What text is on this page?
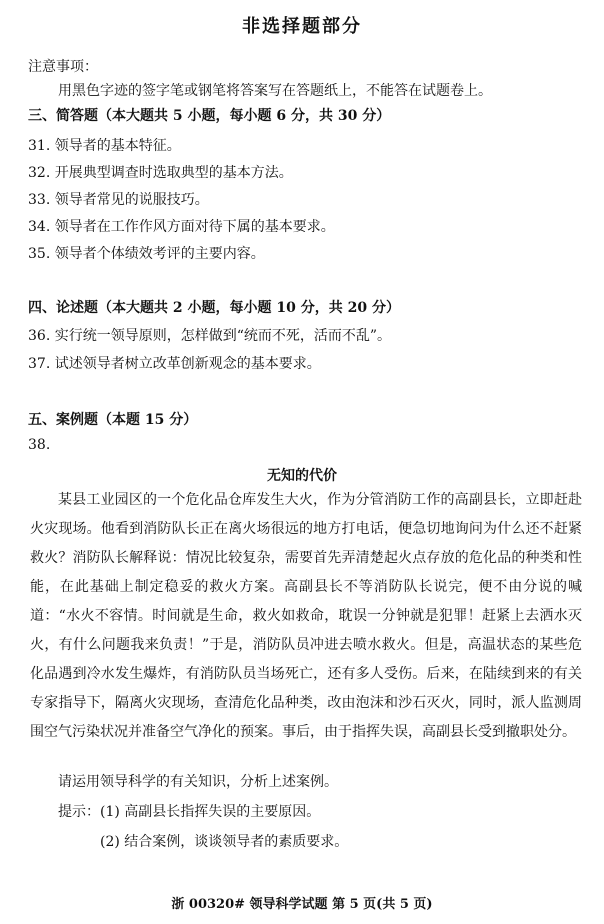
非选择题部分
注意事项：
用黑色字迹的签字笔或钢笔将答案写在答题纸上，不能答在试题卷上。
三、简答题（本大题共 5 小题，每小题 6 分，共 30 分）
31. 领导者的基本特征。
32. 开展典型调查时选取典型的基本方法。
33. 领导者常见的说服技巧。
34. 领导者在工作作风方面对待下属的基本要求。
35. 领导者个体绩效考评的主要内容。
四、论述题（本大题共 2 小题，每小题 10 分，共 20 分）
36. 实行统一领导原则，怎样做到“统而不死，活而不乱”。
37. 试述领导者树立改革创新观念的基本要求。
五、案例题（本题 15 分）
38.
无知的代价
某县工业园区的一个危化品仓库发生大火，作为分管消防工作的高副县长，立即赶赴火灾现场。他看到消防队长正在离火场很远的地方打电话，便急切地询问为什么还不赶紧救火？消防队长解释说：情况比较复杂，需要首先弄清楚起火点存放的危化品的种类和性能，在此基础上制定稳妥的救火方案。高副县长不等消防队长说完，便不由分说的喊道：“水火不容情。时间就是生命，救火如救命，耽误一分钟就是犯罪！赶紧上去洒水灭火，有什么问题我来负责！”于是，消防队员冲进去喷水救火。但是，高温状态的某些危化品遇到冷水发生爆炸，有消防队员当场死亡，还有多人受伤。后来，在陆续到来的有关专家指导下，隔离火灾现场，查清危化品种类，改由泡沫和沙石灭火，同时，派人监测周围空气污染状况并准备空气净化的预案。事后，由于指挥失误，高副县长受到撤职处分。
请运用领导科学的有关知识，分析上述案例。
提示：(1) 高副县长指挥失误的主要原因。
(2) 结合案例，谈谈领导者的素质要求。
浙 00320# 领导科学试题 第 5 页(共 5 页)
